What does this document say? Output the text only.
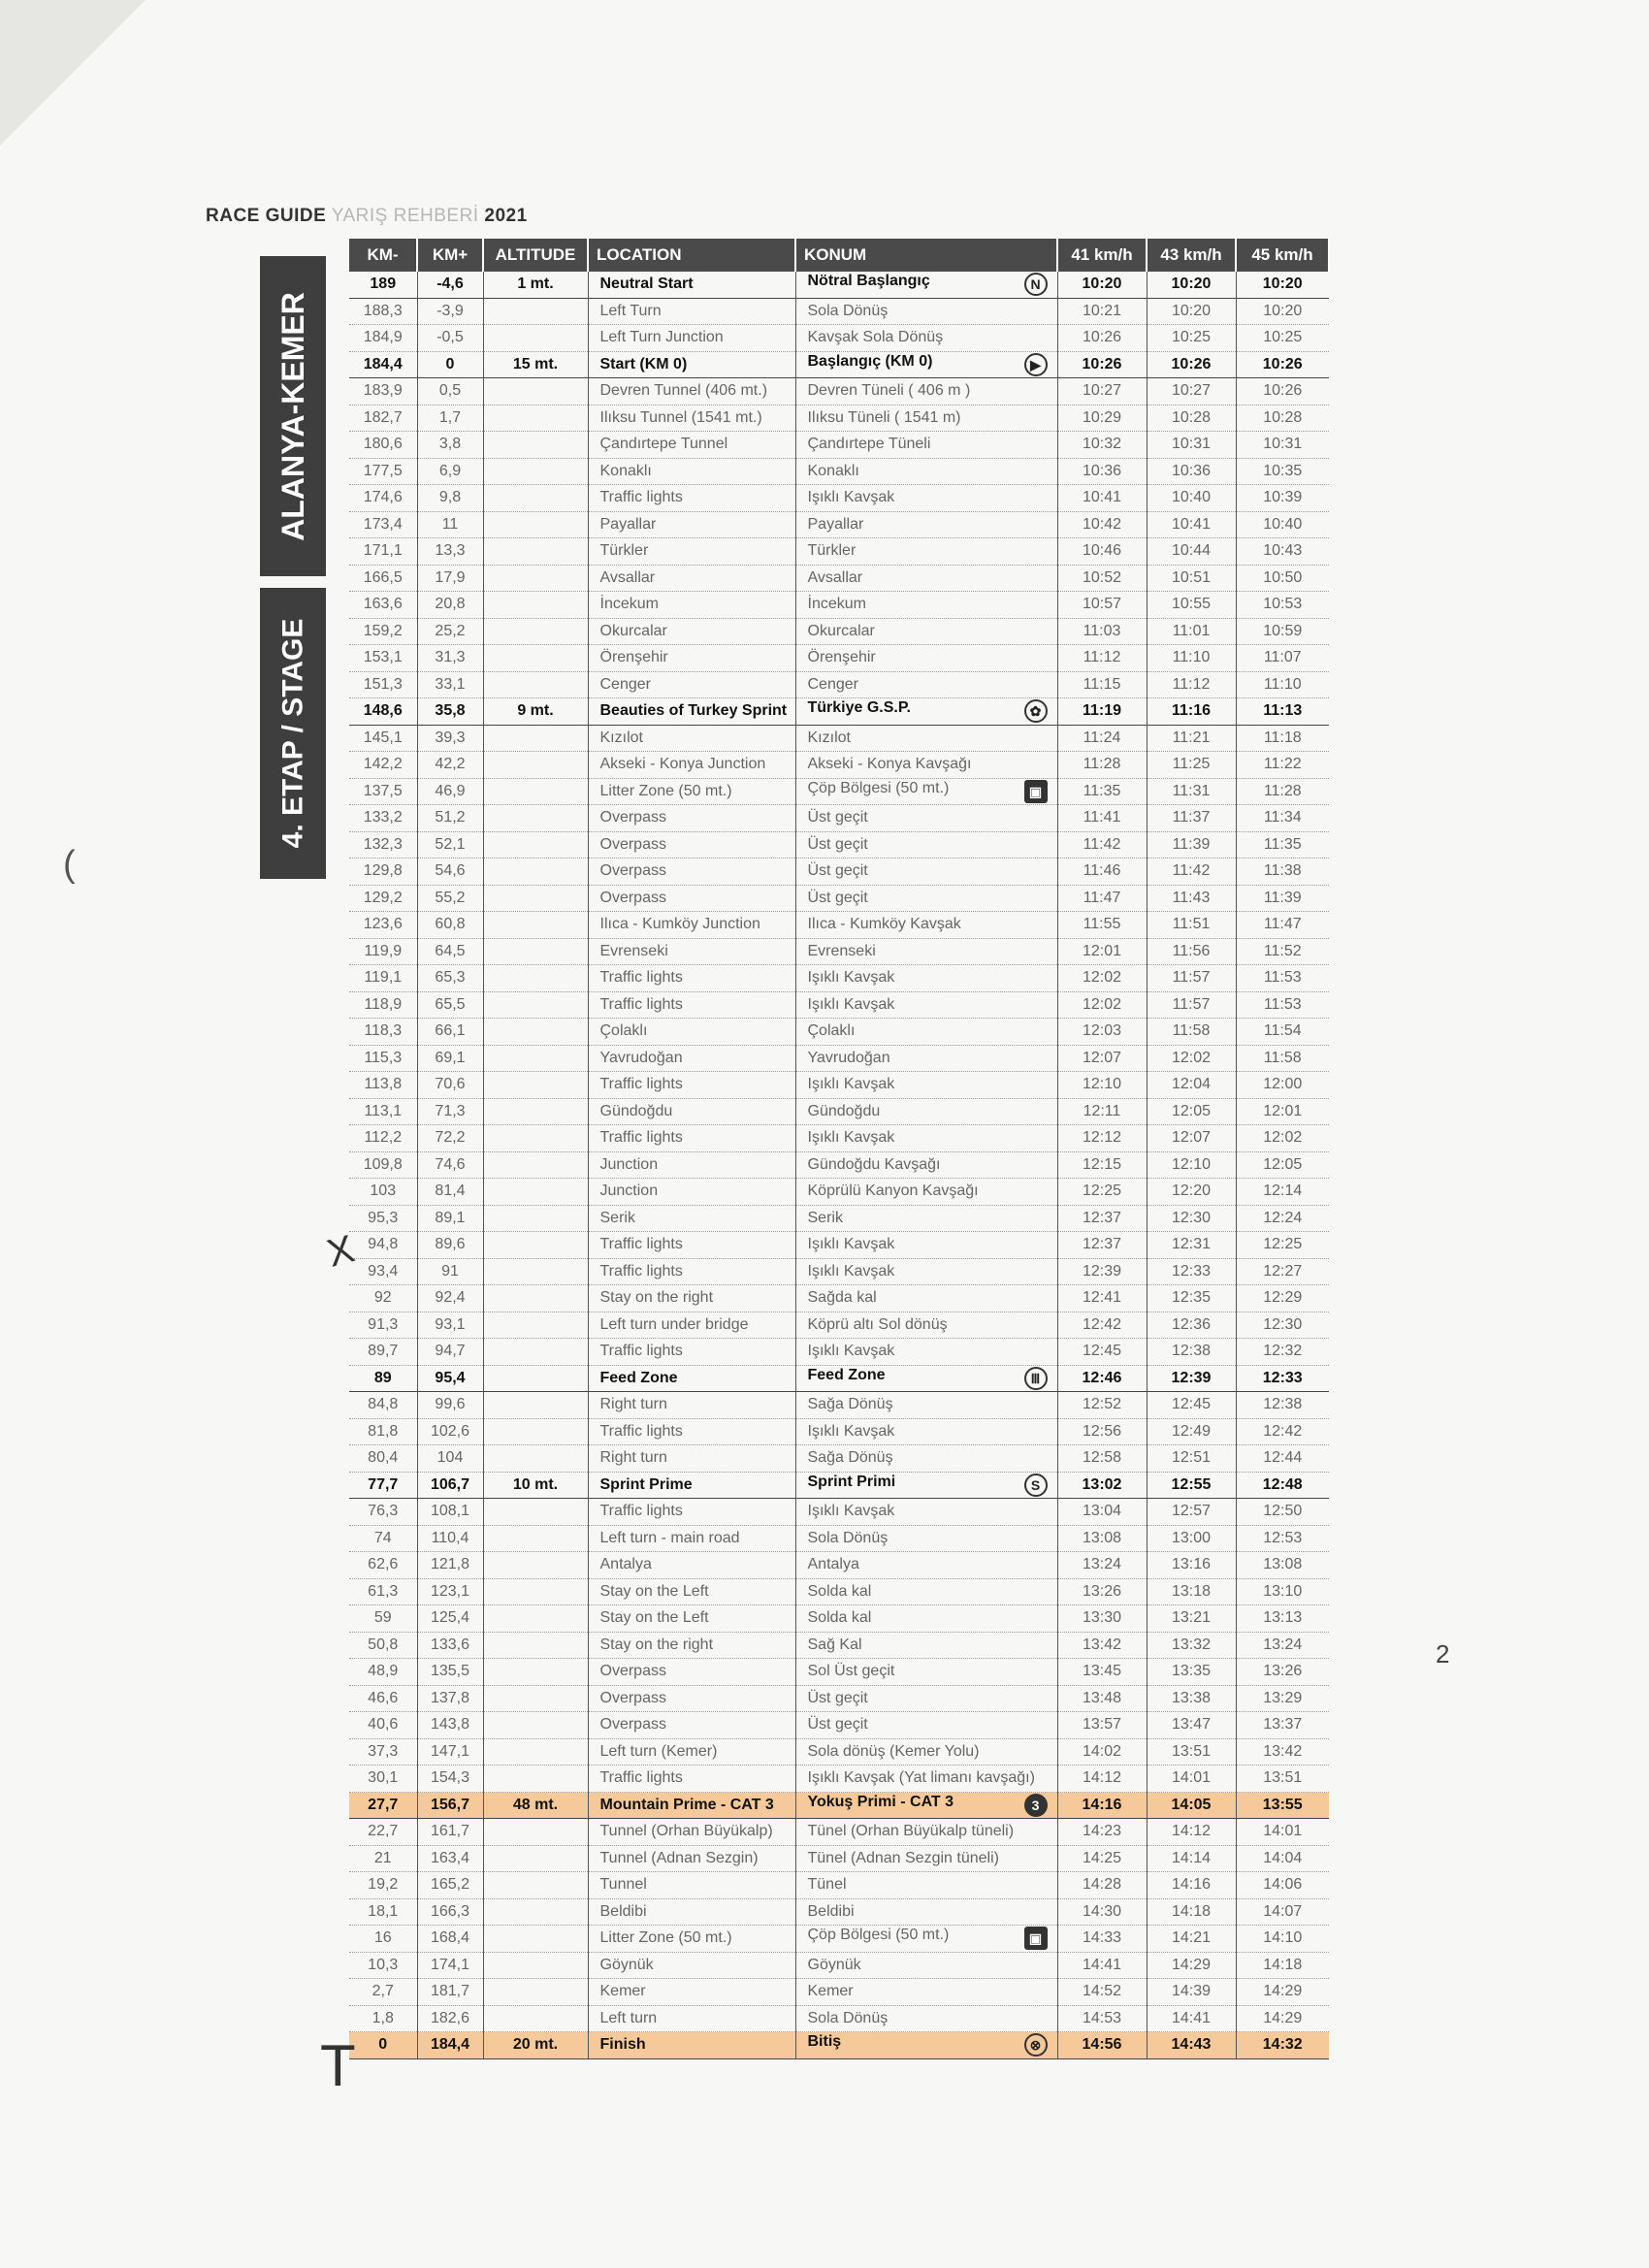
RACE GUIDE YARIŞ REHBERİ 2021
ALANYA-KEMER
4. ETAP / STAGE
KM-	KM+	ALTITUDE	LOCATION	KONUM	41 km/h	43 km/h	45 km/h
189	-4,6	1 mt.	Neutral Start	Nötral Başlangıç N	10:20	10:20	10:20
188,3	-3,9		Left Turn	Sola Dönüş	10:21	10:20	10:20
184,9	-0,5		Left Turn Junction	Kavşak Sola Dönüş	10:26	10:25	10:25
184,4	0	15 mt.	Start (KM 0)	Başlangıç (KM 0) ▶	10:26	10:26	10:26
183,9	0,5		Devren Tunnel (406 mt.)	Devren Tüneli ( 406 m )	10:27	10:27	10:26
182,7	1,7		Ilıksu Tunnel (1541 mt.)	Ilıksu Tüneli ( 1541 m)	10:29	10:28	10:28
180,6	3,8		Çandırtepe Tunnel	Çandırtepe Tüneli	10:32	10:31	10:31
177,5	6,9		Konaklı	Konaklı	10:36	10:36	10:35
174,6	9,8		Traffic lights	Işıklı Kavşak	10:41	10:40	10:39
173,4	11		Payallar	Payallar	10:42	10:41	10:40
171,1	13,3		Türkler	Türkler	10:46	10:44	10:43
166,5	17,9		Avsallar	Avsallar	10:52	10:51	10:50
163,6	20,8		İncekum	İncekum	10:57	10:55	10:53
159,2	25,2		Okurcalar	Okurcalar	11:03	11:01	10:59
153,1	31,3		Örenşehir	Örenşehir	11:12	11:10	11:07
151,3	33,1		Cenger	Cenger	11:15	11:12	11:10
148,6	35,8	9 mt.	Beauties of Turkey Sprint	Türkiye G.S.P. ✿	11:19	11:16	11:13
145,1	39,3		Kızılot	Kızılot	11:24	11:21	11:18
142,2	42,2		Akseki - Konya Junction	Akseki - Konya Kavşağı	11:28	11:25	11:22
137,5	46,9		Litter Zone (50 mt.)	Çöp Bölgesi (50 mt.) ▣	11:35	11:31	11:28
133,2	51,2		Overpass	Üst geçit	11:41	11:37	11:34
132,3	52,1		Overpass	Üst geçit	11:42	11:39	11:35
129,8	54,6		Overpass	Üst geçit	11:46	11:42	11:38
129,2	55,2		Overpass	Üst geçit	11:47	11:43	11:39
123,6	60,8		Ilıca - Kumköy Junction	Ilıca - Kumköy Kavşak	11:55	11:51	11:47
119,9	64,5		Evrenseki	Evrenseki	12:01	11:56	11:52
119,1	65,3		Traffic lights	Işıklı Kavşak	12:02	11:57	11:53
118,9	65,5		Traffic lights	Işıklı Kavşak	12:02	11:57	11:53
118,3	66,1		Çolaklı	Çolaklı	12:03	11:58	11:54
115,3	69,1		Yavrudoğan	Yavrudoğan	12:07	12:02	11:58
113,8	70,6		Traffic lights	Işıklı Kavşak	12:10	12:04	12:00
113,1	71,3		Gündoğdu	Gündoğdu	12:11	12:05	12:01
112,2	72,2		Traffic lights	Işıklı Kavşak	12:12	12:07	12:02
109,8	74,6		Junction	Gündoğdu Kavşağı	12:15	12:10	12:05
103	81,4		Junction	Köprülü Kanyon Kavşağı	12:25	12:20	12:14
95,3	89,1		Serik	Serik	12:37	12:30	12:24
94,8	89,6		Traffic lights	Işıklı Kavşak	12:37	12:31	12:25
93,4	91		Traffic lights	Işıklı Kavşak	12:39	12:33	12:27
92	92,4		Stay on the right	Sağda kal	12:41	12:35	12:29
91,3	93,1		Left turn under bridge	Köprü altı Sol dönüş	12:42	12:36	12:30
89,7	94,7		Traffic lights	Işıklı Kavşak	12:45	12:38	12:32
89	95,4		Feed Zone	Feed Zone Ⅲ	12:46	12:39	12:33
84,8	99,6		Right turn	Sağa Dönüş	12:52	12:45	12:38
81,8	102,6		Traffic lights	Işıklı Kavşak	12:56	12:49	12:42
80,4	104		Right turn	Sağa Dönüş	12:58	12:51	12:44
77,7	106,7	10 mt.	Sprint Prime	Sprint Primi S	13:02	12:55	12:48
76,3	108,1		Traffic lights	Işıklı Kavşak	13:04	12:57	12:50
74	110,4		Left turn - main road	Sola Dönüş	13:08	13:00	12:53
62,6	121,8		Antalya	Antalya	13:24	13:16	13:08
61,3	123,1		Stay on the Left	Solda kal	13:26	13:18	13:10
59	125,4		Stay on the Left	Solda kal	13:30	13:21	13:13
50,8	133,6		Stay on the right	Sağ Kal	13:42	13:32	13:24
48,9	135,5		Overpass	Sol Üst geçit	13:45	13:35	13:26
46,6	137,8		Overpass	Üst geçit	13:48	13:38	13:29
40,6	143,8		Overpass	Üst geçit	13:57	13:47	13:37
37,3	147,1		Left turn (Kemer)	Sola dönüş (Kemer Yolu)	14:02	13:51	13:42
30,1	154,3		Traffic lights	Işıklı Kavşak (Yat limanı kavşağı)	14:12	14:01	13:51
27,7	156,7	48 mt.	Mountain Prime - CAT 3	Yokuş Primi - CAT 3 3	14:16	14:05	13:55
22,7	161,7		Tunnel (Orhan Büyükalp)	Tünel (Orhan Büyükalp tüneli)	14:23	14:12	14:01
21	163,4		Tunnel (Adnan Sezgin)	Tünel (Adnan Sezgin tüneli)	14:25	14:14	14:04
19,2	165,2		Tunnel	Tünel	14:28	14:16	14:06
18,1	166,3		Beldibi	Beldibi	14:30	14:18	14:07
16	168,4		Litter Zone (50 mt.)	Çöp Bölgesi (50 mt.) ▣	14:33	14:21	14:10
10,3	174,1		Göynük	Göynük	14:41	14:29	14:18
2,7	181,7		Kemer	Kemer	14:52	14:39	14:29
1,8	182,6		Left turn	Sola Dönüş	14:53	14:41	14:29
0	184,4	20 mt.	Finish	Bitiş ⊗	14:56	14:43	14:32
X
2
(
T
